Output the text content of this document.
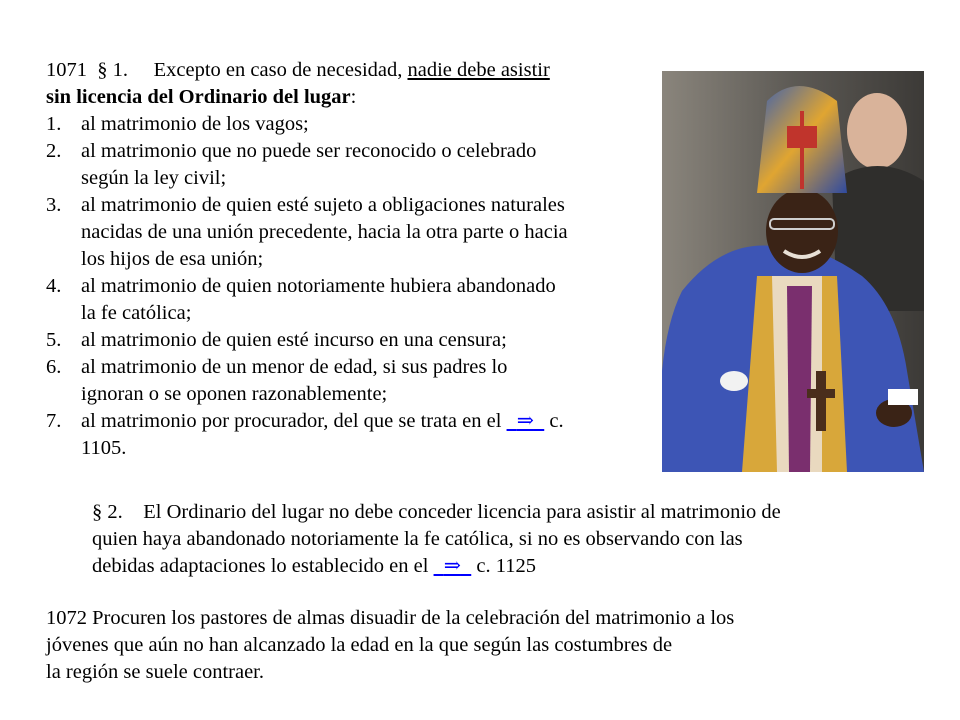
1071 § 1. Excepto en caso de necesidad, nadie debe asistir
sin licencia del Ordinario del lugar:
1. al matrimonio de los vagos;
2. al matrimonio que no puede ser reconocido o celebrado
según la ley civil;
3. al matrimonio de quien esté sujeto a obligaciones naturales
nacidas de una unión precedente, hacia la otra parte o hacia
los hijos de esa unión;
4. al matrimonio de quien notoriamente hubiera abandonado
la fe católica;
5. al matrimonio de quien esté incurso en una censura;
6. al matrimonio de un menor de edad, si sus padres lo
ignoran o se oponen razonablemente;
7. al matrimonio por procurador, del que se trata en el ⇒ c.
1105.
§ 2. El Ordinario del lugar no debe conceder licencia para asistir al matrimonio de
quien haya abandonado notoriamente la fe católica, si no es observando con las
debidas adaptaciones lo establecido en el ⇒ c. 1125
1072 Procuren los pastores de almas disuadir de la celebración del matrimonio a los
jóvenes que aún no han alcanzado la edad en la que según las costumbres de
la región se suele contraer.
